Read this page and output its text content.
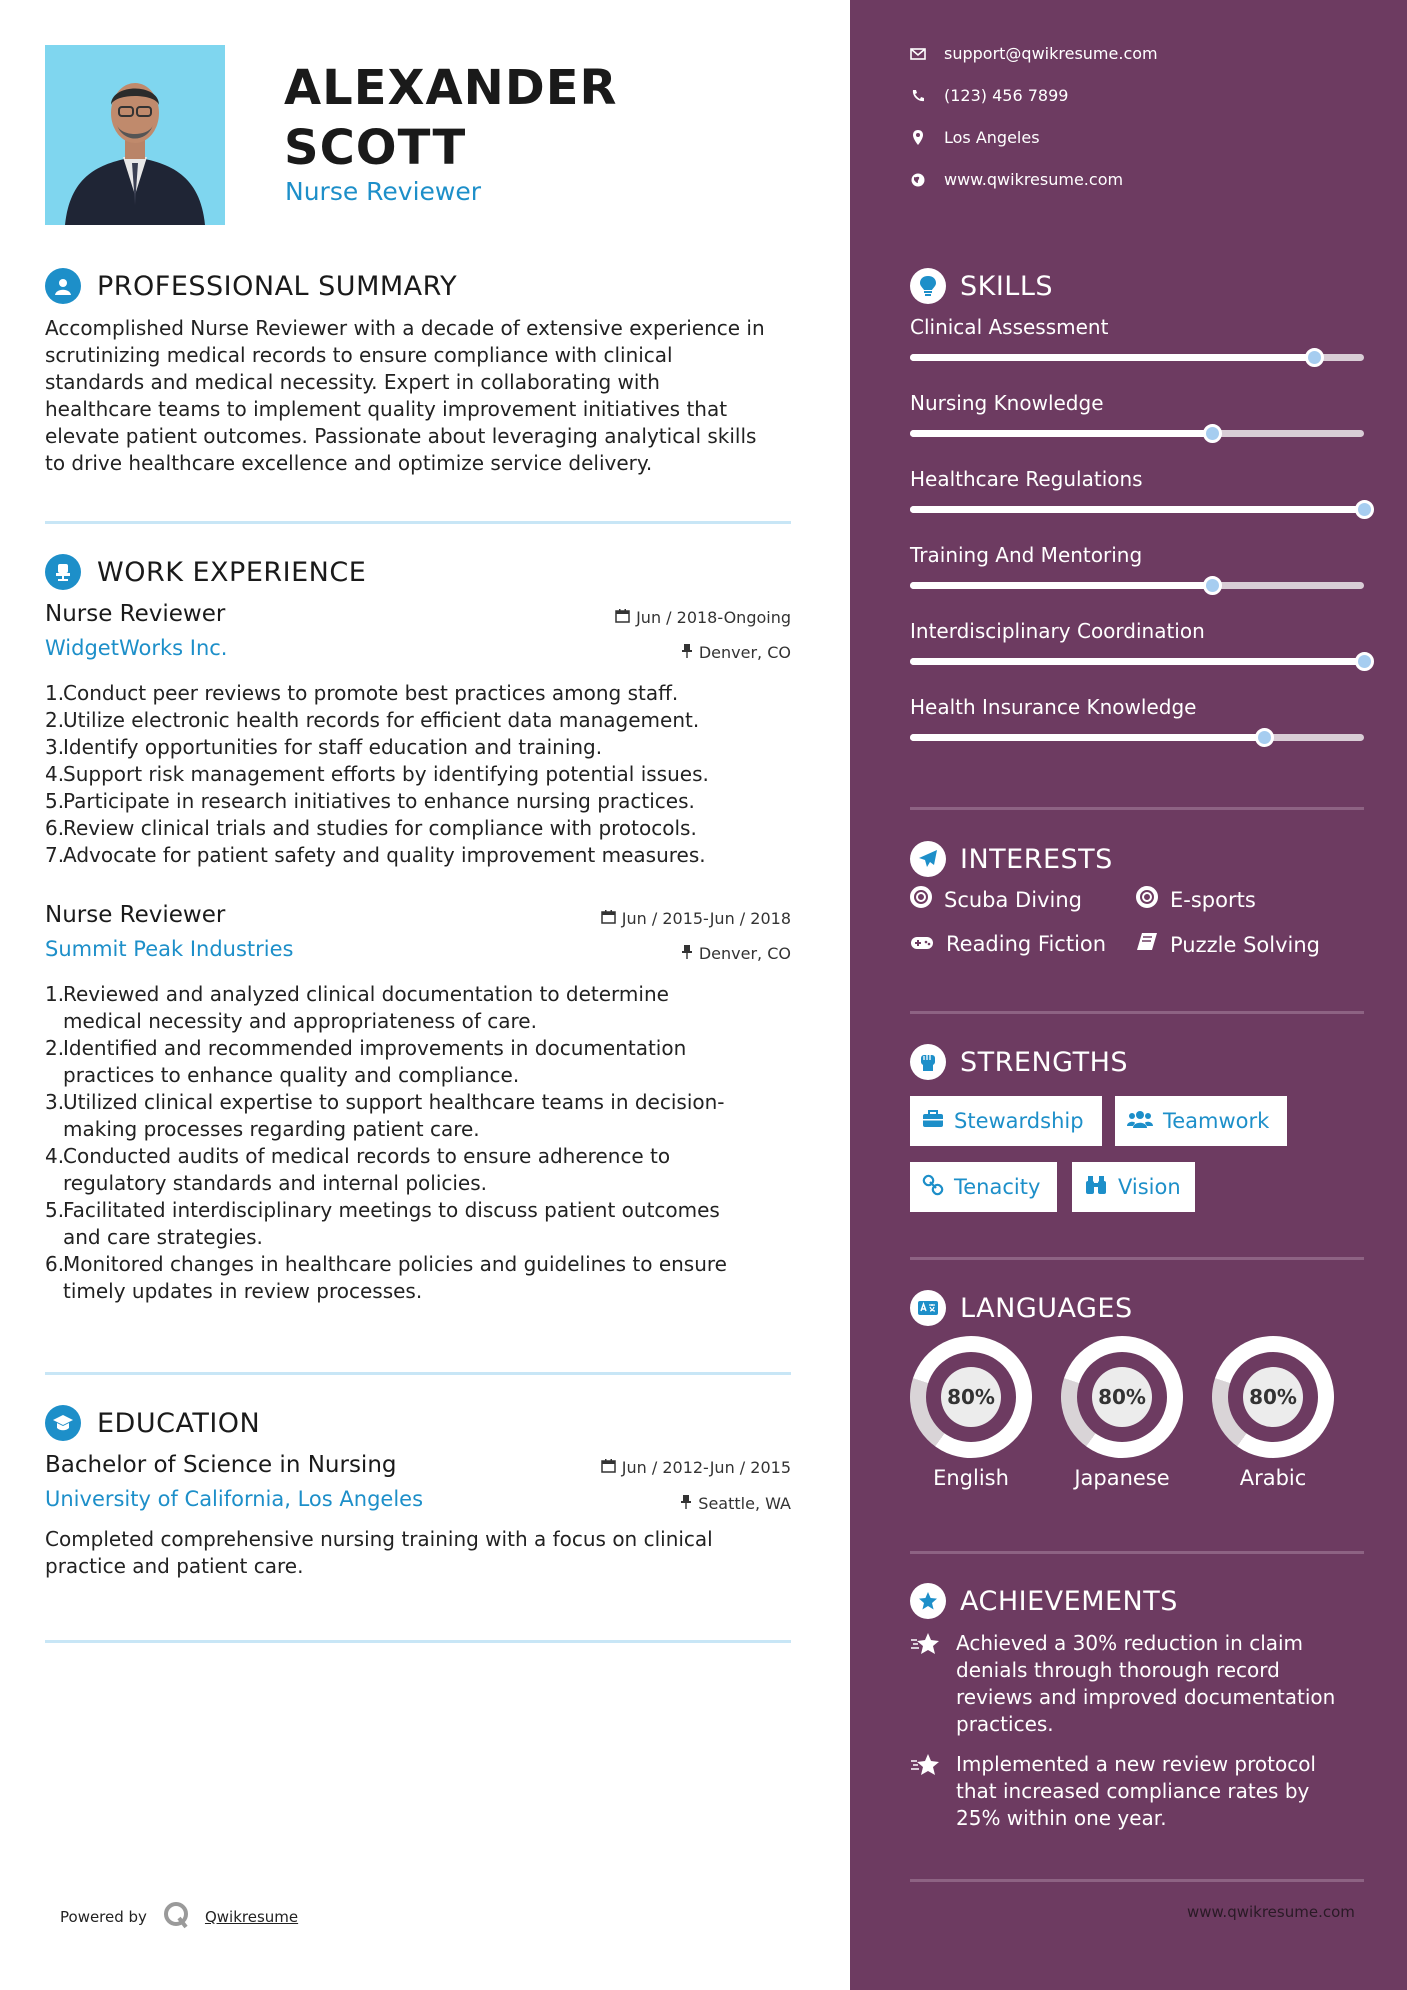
ALEXANDER
SCOTT
Nurse Reviewer
PROFESSIONAL SUMMARY
Accomplished Nurse Reviewer with a decade of extensive experience in
scrutinizing medical records to ensure compliance with clinical
standards and medical necessity. Expert in collaborating with
healthcare teams to implement quality improvement initiatives that
elevate patient outcomes. Passionate about leveraging analytical skills
to drive healthcare excellence and optimize service delivery.
WORK EXPERIENCE
Nurse Reviewer	Jun / 2018-Ongoing
WidgetWorks Inc.	Denver, CO
1.
Conduct peer reviews to promote best practices among staff.
2.
Utilize electronic health records for efficient data management.
3.
Identify opportunities for staff education and training.
4.
Support risk management efforts by identifying potential issues.
5.
Participate in research initiatives to enhance nursing practices.
6.
Review clinical trials and studies for compliance with protocols.
7.
Advocate for patient safety and quality improvement measures.
Nurse Reviewer	Jun / 2015-Jun / 2018
Summit Peak Industries	Denver, CO
1.
Reviewed and analyzed clinical documentation to determine
medical necessity and appropriateness of care.
2.
Identified and recommended improvements in documentation
practices to enhance quality and compliance.
3.
Utilized clinical expertise to support healthcare teams in decision-
making processes regarding patient care.
4.
Conducted audits of medical records to ensure adherence to
regulatory standards and internal policies.
5.
Facilitated interdisciplinary meetings to discuss patient outcomes
and care strategies.
6.
Monitored changes in healthcare policies and guidelines to ensure
timely updates in review processes.
EDUCATION
Bachelor of Science in Nursing	Jun / 2012-Jun / 2015
University of California, Los Angeles	Seattle, WA
Completed comprehensive nursing training with a focus on clinical
practice and patient care.
Powered by	Qwikresume
support@qwikresume.com
(123) 456 7899
Los Angeles
www.qwikresume.com
SKILLS
Clinical Assessment
Nursing Knowledge
Healthcare Regulations
Training And Mentoring
Interdisciplinary Coordination
Health Insurance Knowledge
INTERESTS
Scuba Diving	E-sports
Reading Fiction	Puzzle Solving
STRENGTHS
Stewardship	Teamwork
Tenacity	Vision
LANGUAGES
80%
English
80%
Japanese
80%
Arabic
ACHIEVEMENTS
Achieved a 30% reduction in claim
denials through thorough record
reviews and improved documentation
practices.
Implemented a new review protocol
that increased compliance rates by
25% within one year.
www.qwikresume.com
